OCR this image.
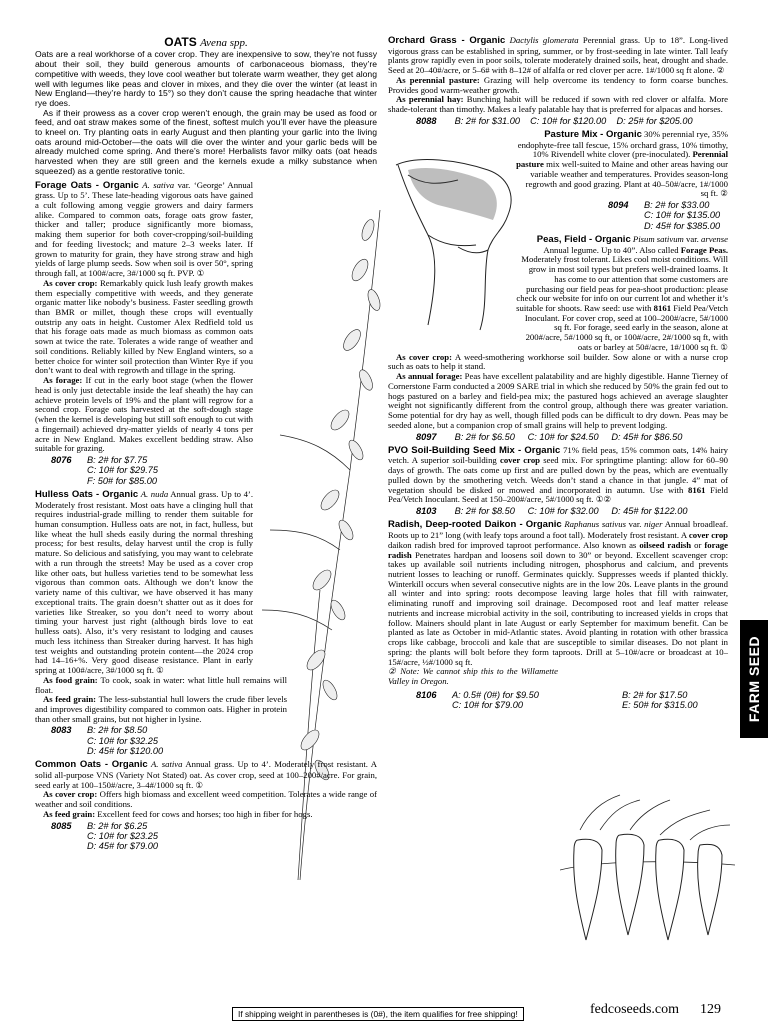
OATS Avena spp.

Oats are a real workhorse of a cover crop. They are inexpensive to sow, they’re not fussy about their soil, they build generous amounts of carbonaceous biomass, they’re competitive with weeds, they love cool weather but tolerate warm weather, they get along well with legumes like peas and clover in mixes, and they die over the winter (at least in New England—they’re hardy to 15°) so they don’t cause the spring headache that winter rye does.

As if their prowess as a cover crop weren’t enough, the grain may be used as food or feed, and oat straw makes some of the finest, softest mulch you’ll ever have the pleasure to kneel on. Try planting oats in early August and then planting your garlic into the living oats around mid-October—the oats will die over the winter and your garlic beds will be already mulched come spring. And there’s more! Herbalists favor milky oats (oat heads harvested when they are still green and the kernels exude a milky substance when squeezed) as a gentle restorative tonic.

Forage Oats - Organic A. sativa var. ‘George’ Annual grass. Up to 5’. These late-heading vigorous oats have gained a cult following among veggie growers and dairy farmers alike. Compared to common oats, forage oats grow faster, thicker and taller; produce significantly more biomass, making them superior for both cover-cropping/soil-building and for feeding livestock; and mature 2–3 weeks later. If grown to maturity for grain, they have strong straw and high yields of large plump seeds. Sow when soil is over 50°, spring through fall, at 100#/acre, 3#/1000 sq ft. PVP. ①

As cover crop: Remarkably quick lush leafy growth makes them especially competitive with weeds, and they generate organic matter like nobody’s business. Faster seedling growth than BMR or millet, though these crops will eventually outstrip any oats in height. Customer Alex Redfield told us that his forage oats made as much biomass as common oats sown at twice the rate. Tolerates a wide range of weather and soil conditions. Reliably killed by New England winters, so a better choice for winter soil protection than Winter Rye if you don’t want to deal with regrowth and tillage in the spring.

As forage: If cut in the early boot stage (when the flower head is only just detectable inside the leaf sheath) the hay can achieve protein levels of 19% and the plant will regrow for a second crop. Forage oats harvested at the soft-dough stage (when the kernel is developing but still soft enough to cut with a fingernail) achieved dry-matter yields of nearly 4 tons per acre in New England. Makes excellent bedding straw. Also suitable for grazing.

8076 B: 2# for $7.75
C: 10# for $29.75
F: 50# for $85.00

Hulless Oats - Organic A. nuda Annual grass. Up to 4’. Moderately frost resistant. Most oats have a clinging hull that requires industrial-grade milling to render them suitable for human consumption. Hulless oats are not, in fact, hulless, but like wheat the hull sheds easily during the normal threshing process; for best results, delay harvest until the crop is fully mature. So delicious and satisfying, you may want to celebrate with a run through the streets! May be used as a cover crop like other oats, but hulless varieties tend to be somewhat less vigorous than common oats. Although we don’t know the variety name of this cultivar, we have observed it has many exceptional traits. The grain doesn’t shatter out as it does for varieties like Streaker, so you don’t need to worry about timing your harvest just right (although birds love to eat hulless oats). Also, it’s very resistant to lodging and causes much less itchiness than Streaker during harvest. It has high test weights and outstanding protein content—the 2024 crop had 14–16+%. Very good disease resistance. Plant in early spring at 100#/acre, 3#/1000 sq ft. ①

As food grain: To cook, soak in water: what little hull remains will float.

As feed grain: The less-substantial hull lowers the crude fiber levels and improves digestibility compared to common oats. Higher in protein than other small grains, but not higher in lysine.

8083 B: 2# for $8.50
C: 10# for $32.25
D: 45# for $120.00

Common Oats - Organic A. sativa Annual grass. Up to 4’. Moderately frost resistant. A solid all-purpose VNS (Variety Not Stated) oat. As cover crop, seed at 100–200#/acre. For grain, seed early at 100–150#/acre, 3–4#/1000 sq ft. ①

As cover crop: Offers high biomass and excellent weed competition. Tolerates a wide range of weather and soil conditions.

As feed grain: Excellent feed for cows and horses; too high in fiber for hogs.

8085 B: 2# for $6.25
C: 10# for $23.25
D: 45# for $79.00

Orchard Grass - Organic Dactylis glomerata Perennial grass. Up to 18”. Long-lived vigorous grass can be established in spring, summer, or by frost-seeding in late winter. Tall leafy plants grow rapidly even in poor soils, tolerate moderately drained soils, heat, drought and shade. Seed at 20–40#/acre, or 5–6# with 8–12# of alfalfa or red clover per acre. 1#/1000 sq ft alone. ②

As perennial pasture: Grazing will help overcome its tendency to form coarse bunches. Provides good warm-weather growth.

As perennial hay: Bunching habit will be reduced if sown with red clover or alfalfa. More shade-tolerant than timothy. Makes a leafy palatable hay that is preferred for alpacas and horses.

8088 B: 2# for $31.00 C: 10# for $120.00 D: 25# for $205.00

Pasture Mix - Organic 30% perennial rye, 35% endophyte-free tall fescue, 15% orchard grass, 10% timothy, 10% Rivendell white clover (pre-inoculated). Perennial pasture mix well-suited to Maine and other areas having our variable weather and temperatures. Provides season-long regrowth and good grazing. Plant at 40–50#/acre, 1#/1000 sq ft. ②

8094 B: 2# for $33.00
C: 10# for $135.00
D: 45# for $385.00

Peas, Field - Organic Pisum sativum var. arvense Annual legume. Up to 40”. Also called Forage Peas. Moderately frost tolerant. Likes cool moist conditions. Will grow in most soil types but prefers well-drained loams. It has come to our attention that some customers are purchasing our field peas for pea-shoot production: please check our website for info on our current lot and whether it’s suitable for shoots. Raw seed: use with 8161 Field Pea/Vetch Inoculant. For cover crop, seed at 100–200#/acre, 5#/1000 sq ft. For forage, seed early in the season, alone at 200#/acre, 5#/1000 sq ft, or 100#/acre, 2#/1000 sq ft, with oats or barley at 50#/acre, 1#/1000 sq ft. ①

As cover crop: A weed-smothering workhorse soil builder. Sow alone or with a nurse crop such as oats to help it stand.

As annual forage: Peas have excellent palatability and are highly digestible. Hanne Tierney of Cornerstone Farm conducted a 2009 SARE trial in which she reduced by 50% the grain fed out to hogs pastured on a barley and field-pea mix; the pastured hogs achieved an average slaughter weight not significantly different from the control group, although there was greater variation. Some potential for dry hay as well, though filled pods can be difficult to dry down. Peas may be seeded alone, but a companion crop of small grains will help to prevent lodging.

8097 B: 2# for $6.50 C: 10# for $24.50 D: 45# for $86.50

PVO Soil-Building Seed Mix - Organic 71% field peas, 15% common oats, 14% hairy vetch. A superior soil-building cover crop seed mix. For springtime planting: allow for 60–90 days of growth. The oats come up first and are pulled down by the peas, which are eventually pulled down by the smothering vetch. Weeds don’t stand a chance in that jungle. 4” mat of vegetation should be disked or mowed and incorporated in autumn. Use with 8161 Field Pea/Vetch Inoculant. Seed at 150–200#/acre, 5#/1000 sq ft. ①②

8103 B: 2# for $8.50 C: 10# for $32.00 D: 45# for $122.00

Radish, Deep-rooted Daikon - Organic Raphanus sativus var. niger Annual broadleaf. Roots up to 21” long (with leafy tops around a foot tall). Moderately frost resistant. A cover crop daikon radish bred for improved taproot performance. Also known as oilseed radish or forage radish Penetrates hardpan and loosens soil down to 30” or beyond. Excellent scavenger crop: takes up available soil nutrients including nitrogen, phosphorus and calcium, and prevents nutrient losses to leaching or runoff. Germinates quickly. Suppresses weeds if planted thickly. Winterkill occurs when several consecutive nights are in the low 20s. Leave plants in the ground all winter and into spring: roots decompose leaving large holes that fill with rainwater, eliminating runoff and improving soil drainage. Decomposed root and leaf matter release nutrients and increase microbial activity in the soil, contributing to increased yields in crops that follow. Mainers should plant in late August or early September for maximum benefit. Can be planted as late as October in mid-Atlantic states. Avoid planting in rotation with other brassica crops like cabbage, broccoli and kale that are susceptible to similar diseases. Do not plant in spring: the plants will bolt before they form taproots. Drill at 5–10#/acre or broadcast at 10–15#/acre, ½#/1000 sq ft.

② Note: We cannot ship this to the Willamette Valley in Oregon.

8106	A: 0.5# (0#) for $9.50	B: 2# for $17.50
C: 10# for $79.00	E: 50# for $315.00	FARM SEED
If shipping weight in parentheses is (0#), the item qualifies for free shipping!	fedcoseeds.com 129
